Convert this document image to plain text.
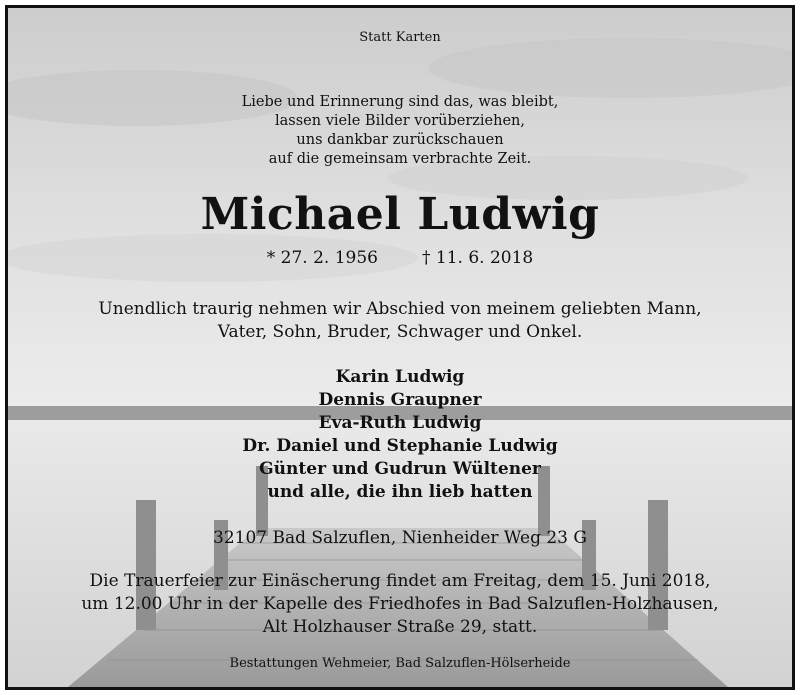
Statt Karten
Liebe und Erinnerung sind das, was bleibt,
lassen viele Bilder vorüberziehen,
uns dankbar zurückschauen
auf die gemeinsam verbrachte Zeit.
Michael Ludwig
* 27. 2. 1956	† 11. 6. 2018
Unendlich traurig nehmen wir Abschied von meinem geliebten Mann,
Vater, Sohn, Bruder, Schwager und Onkel.
Karin Ludwig
Dennis Graupner
Eva-Ruth Ludwig
Dr. Daniel und Stephanie Ludwig
Günter und Gudrun Wültener
und alle, die ihn lieb hatten
32107 Bad Salzuflen, Nienheider Weg 23 G
Die Trauerfeier zur Einäscherung findet am Freitag, dem 15. Juni 2018,
um 12.00 Uhr in der Kapelle des Friedhofes in Bad Salzuflen-Holzhausen,
Alt Holzhauser Straße 29, statt.
Bestattungen Wehmeier, Bad Salzuflen-Hölserheide
